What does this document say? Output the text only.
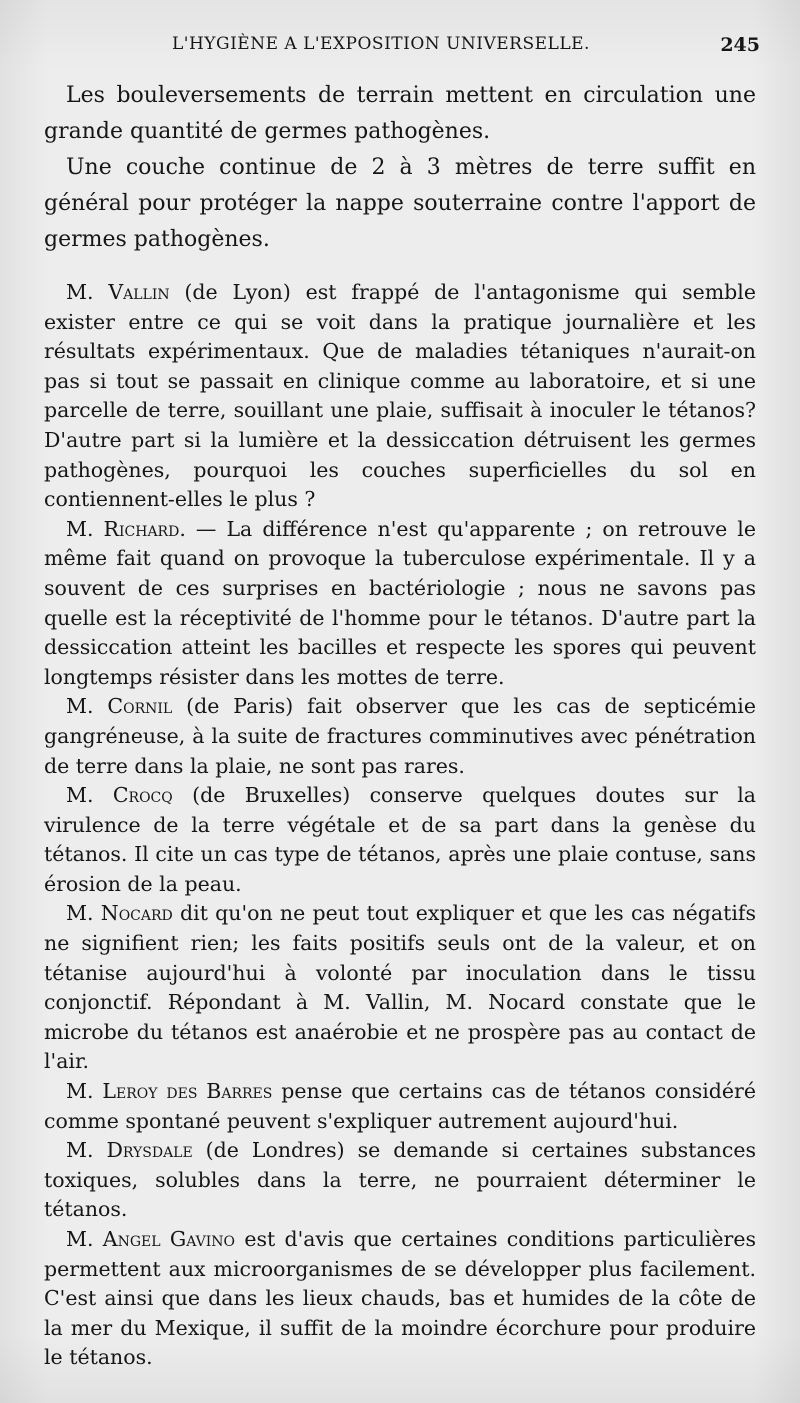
L'HYGIÈNE A L'EXPOSITION UNIVERSELLE.	245

Les bouleversements de terrain mettent en circulation une grande quantité de germes pathogènes.

Une couche continue de 2 à 3 mètres de terre suffit en général pour protéger la nappe souterraine contre l'apport de germes pathogènes.

M. Vallin (de Lyon) est frappé de l'antagonisme qui semble exister entre ce qui se voit dans la pratique journalière et les résultats expérimentaux. Que de maladies tétaniques n'aurait-on pas si tout se passait en clinique comme au laboratoire, et si une parcelle de terre, souillant une plaie, suffisait à inoculer le tétanos? D'autre part si la lumière et la dessiccation détruisent les germes pathogènes, pourquoi les couches superficielles du sol en contiennent-elles le plus ?

M. Richard. — La différence n'est qu'apparente ; on retrouve le même fait quand on provoque la tuberculose expérimentale. Il y a souvent de ces surprises en bactériologie ; nous ne savons pas quelle est la réceptivité de l'homme pour le tétanos. D'autre part la dessiccation atteint les bacilles et respecte les spores qui peuvent longtemps résister dans les mottes de terre.

M. Cornil (de Paris) fait observer que les cas de septicémie gangréneuse, à la suite de fractures comminutives avec pénétration de terre dans la plaie, ne sont pas rares.

M. Crocq (de Bruxelles) conserve quelques doutes sur la virulence de la terre végétale et de sa part dans la genèse du tétanos. Il cite un cas type de tétanos, après une plaie contuse, sans érosion de la peau.

M. Nocard dit qu'on ne peut tout expliquer et que les cas négatifs ne signifient rien; les faits positifs seuls ont de la valeur, et on tétanise aujourd'hui à volonté par inoculation dans le tissu conjonctif. Répondant à M. Vallin, M. Nocard constate que le microbe du tétanos est anaérobie et ne prospère pas au contact de l'air.

M. Leroy des Barres pense que certains cas de tétanos considéré comme spontané peuvent s'expliquer autrement aujourd'hui.

M. Drysdale (de Londres) se demande si certaines substances toxiques, solubles dans la terre, ne pourraient déterminer le tétanos.

M. Angel Gavino est d'avis que certaines conditions particulières permettent aux microorganismes de se développer plus facilement. C'est ainsi que dans les lieux chauds, bas et humides de la côte de la mer du Mexique, il suffit de la moindre écorchure pour produire le tétanos.
